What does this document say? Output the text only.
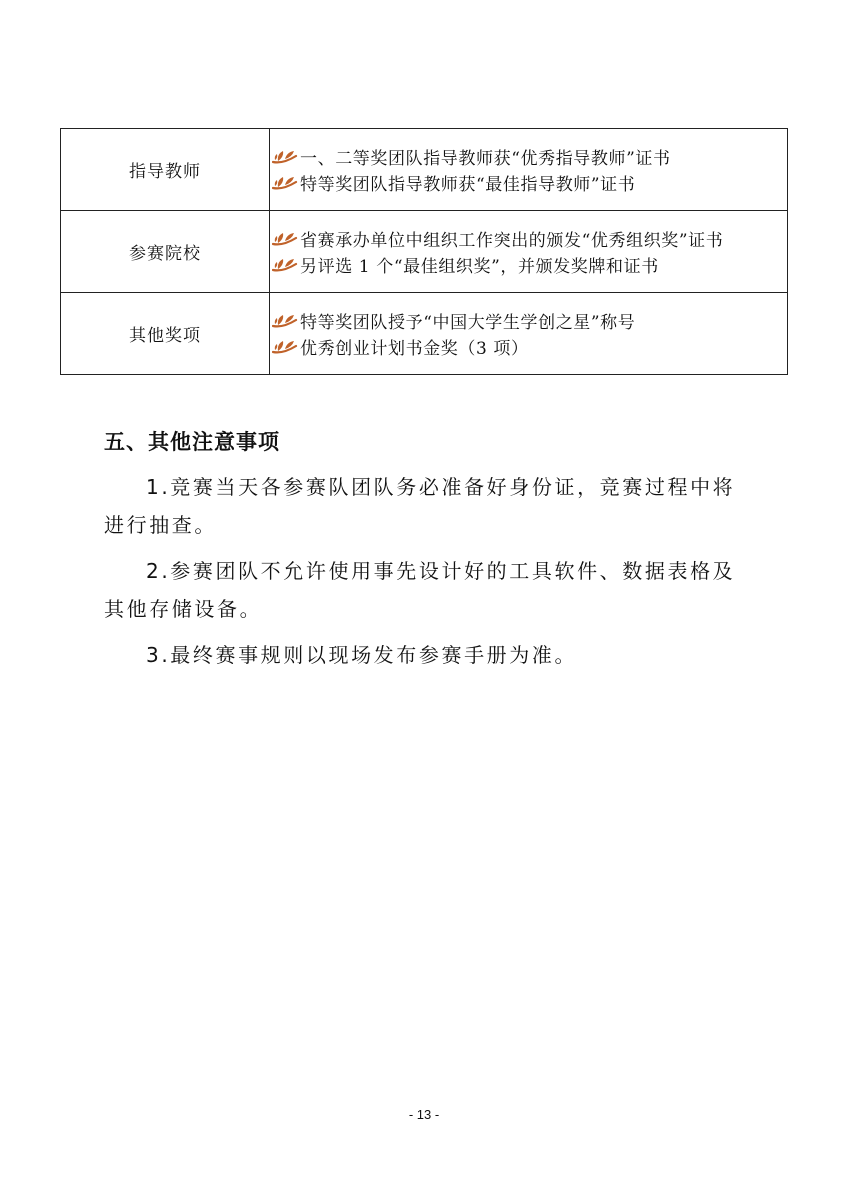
指导教师	一、二等奖团队指导教师获“优秀指导教师”证书
特等奖团队指导教师获“最佳指导教师”证书

参赛院校	省赛承办单位中组织工作突出的颁发“优秀组织奖”证书
另评选 1 个“最佳组织奖”，并颁发奖牌和证书

其他奖项	特等奖团队授予“中国大学生学创之星”称号
优秀创业计划书金奖（3 项）
五、其他注意事项

1.竞赛当天各参赛队团队务必准备好身份证，竞赛过程中将进行抽查。

2.参赛团队不允许使用事先设计好的工具软件、数据表格及其他存储设备。

3.最终赛事规则以现场发布参赛手册为准。

- 13 -
